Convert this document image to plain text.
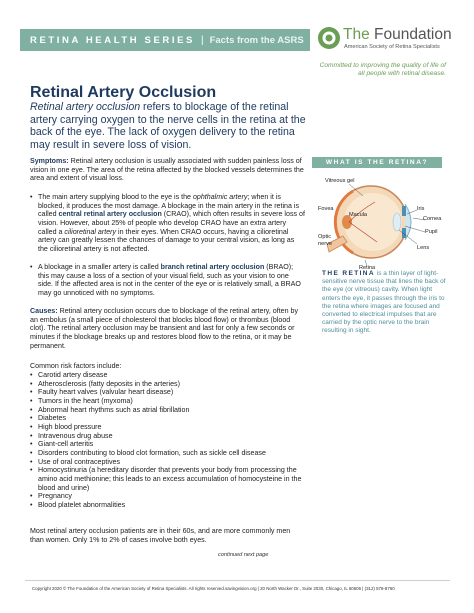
RETINA HEALTH SERIES | Facts from the ASRS	The Foundation
American Society of Retina Specialists
Committed to improving the quality of life of all people with retinal disease.
Retinal Artery Occlusion
Retinal artery occlusion refers to blockage of the retinal artery carrying oxygen to the nerve cells in the retina at the back of the eye. The lack of oxygen delivery to the retina may result in severe loss of vision.
Symptoms: Retinal artery occlusion is usually associated with sudden painless loss of vision in one eye. The area of the retina affected by the blocked vessels determines the area and extent of visual loss.
• The main artery supplying blood to the eye is the ophthalmic artery; when it is blocked, it produces the most damage. A blockage in the main artery in the retina is called central retinal artery occlusion (CRAO), which often results in severe loss of vision. However, about 25% of people who develop CRAO have an extra artery called a cilioretinal artery in their eyes. When CRAO occurs, having a cilioretinal artery can greatly lessen the chances of damage to your central vision, as long as the cilioretinal artery is not affected.
• A blockage in a smaller artery is called branch retinal artery occlusion (BRAO); this may cause a loss of a section of your visual field, such as your vision to one side. If the affected area is not in the center of the eye or is relatively small, a BRAO may go unnoticed with no symptoms.
Causes: Retinal artery occlusion occurs due to blockage of the retinal artery, often by an embolus (a small piece of cholesterol that blocks blood flow) or thrombus (blood clot). The retinal artery occlusion may be transient and last for only a few seconds or minutes if the blockage breaks up and restores blood flow to the retina, or it may be permanent.
Common risk factors include:
• Carotid artery disease
• Atherosclerosis (fatty deposits in the arteries)
• Faulty heart valves (valvular heart disease)
• Tumors in the heart (myxoma)
• Abnormal heart rhythms such as atrial fibrillation
• Diabetes
• High blood pressure
• Intravenous drug abuse
• Giant-cell arteritis
• Disorders contributing to blood clot formation, such as sickle cell disease
• Use of oral contraceptives
• Homocystinuria (a hereditary disorder that prevents your body from processing the amino acid methionine; this leads to an excess accumulation of homocysteine in the blood and urine)
• Pregnancy
• Blood platelet abnormalities
Most retinal artery occlusion patients are in their 60s, and are more commonly men than women. Only 1% to 2% of cases involve both eyes.
continued next page
WHAT IS THE RETINA?
Vitreous gel
Iris
Cornea
Fovea
Macula
Pupil
Optic
nerve
Lens
Retina
THE RETINA is a thin layer of light-sensitive nerve tissue that lines the back of the eye (or vitreous) cavity. When light enters the eye, it passes through the iris to the retina where images are focused and converted to electrical impulses that are carried by the optic nerve to the brain resulting in sight.
Copyright 2020 © The Foundation of the American Society of Retina Specialists. All rights reserved.savingvision.org | 20 North Wacker Dr., Suite 2030, Chicago, IL 60606 | (312) 578-8760
